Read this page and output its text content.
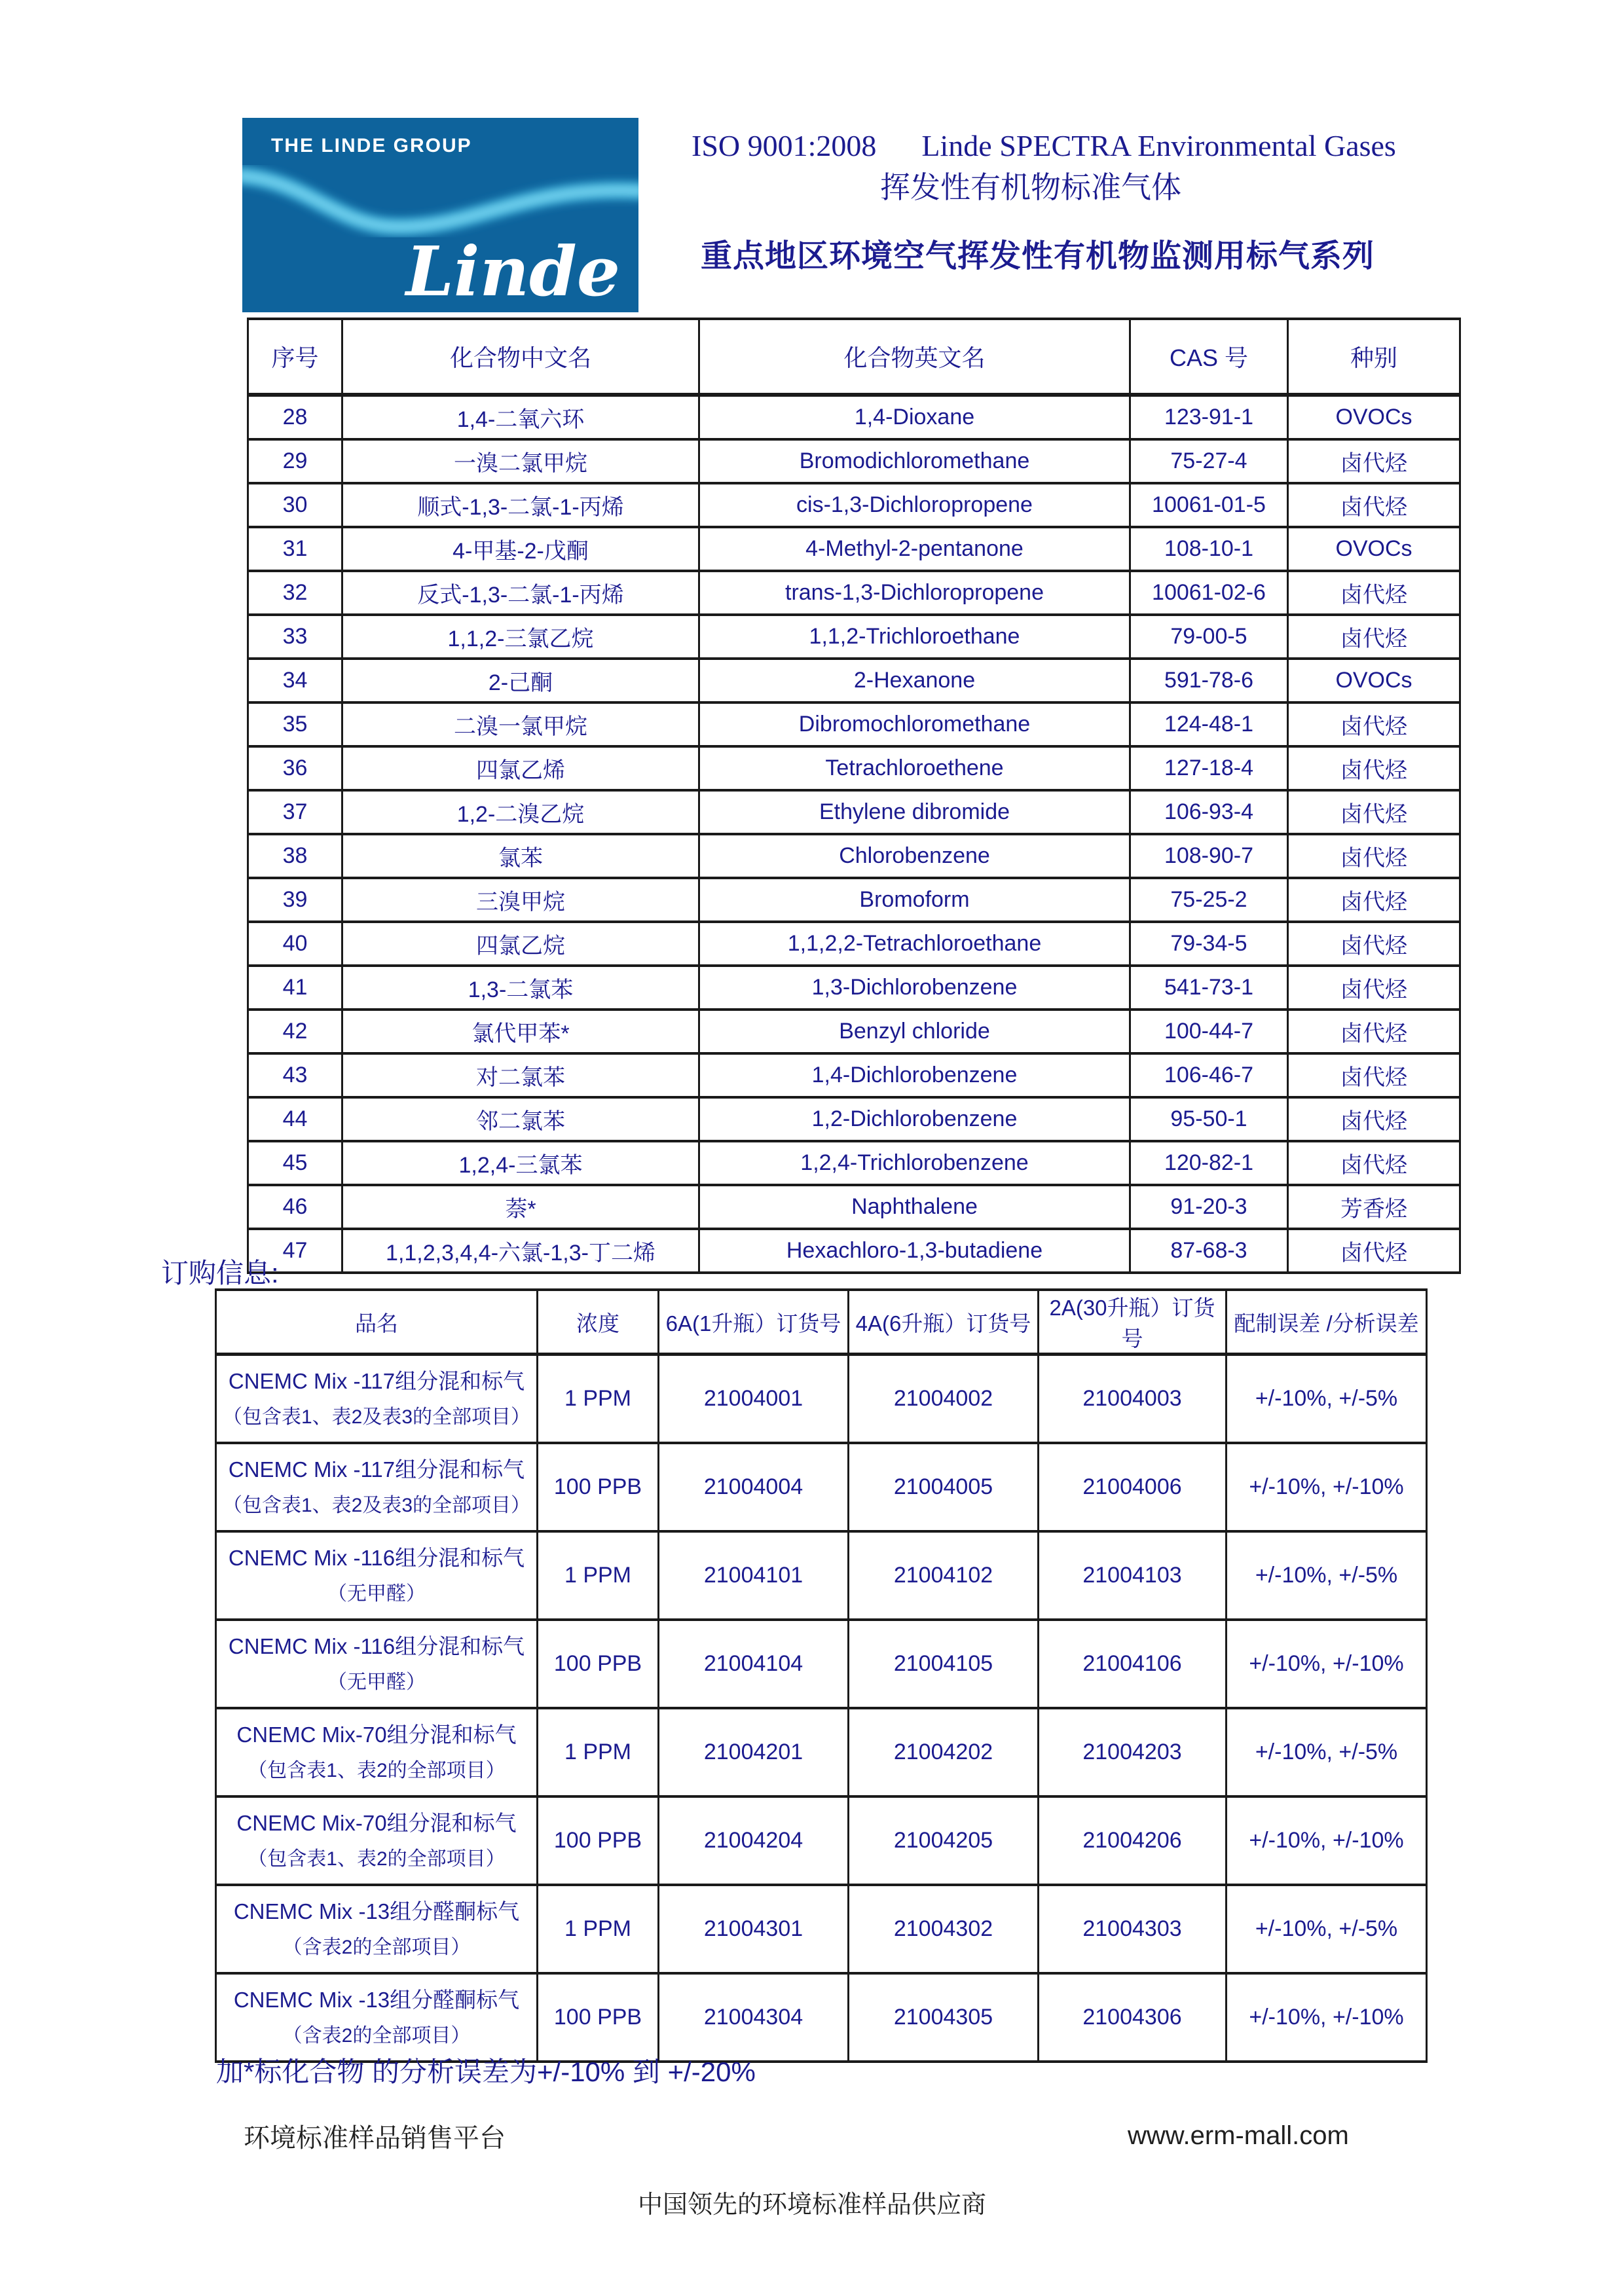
THE LINDE GROUP
Linde
ISO 9001:2008      Linde SPECTRA Environmental Gases
挥发性有机物标准气体
重点地区环境空气挥发性有机物监测用标气系列
序号	化合物中文名	化合物英文名	CAS 号	种别
28	1,4-二氧六环	1,4-Dioxane	123-91-1	OVOCs
29	一溴二氯甲烷	Bromodichloromethane	75-27-4	卤代烃
30	顺式-1,3-二氯-1-丙烯	cis-1,3-Dichloropropene	10061-01-5	卤代烃
31	4-甲基-2-戊酮	4-Methyl-2-pentanone	108-10-1	OVOCs
32	反式-1,3-二氯-1-丙烯	trans-1,3-Dichloropropene	10061-02-6	卤代烃
33	1,1,2-三氯乙烷	1,1,2-Trichloroethane	79-00-5	卤代烃
34	2-己酮	2-Hexanone	591-78-6	OVOCs
35	二溴一氯甲烷	Dibromochloromethane	124-48-1	卤代烃
36	四氯乙烯	Tetrachloroethene	127-18-4	卤代烃
37	1,2-二溴乙烷	Ethylene dibromide	106-93-4	卤代烃
38	氯苯	Chlorobenzene	108-90-7	卤代烃
39	三溴甲烷	Bromoform	75-25-2	卤代烃
40	四氯乙烷	1,1,2,2-Tetrachloroethane	79-34-5	卤代烃
41	1,3-二氯苯	1,3-Dichlorobenzene	541-73-1	卤代烃
42	氯代甲苯*	Benzyl chloride	100-44-7	卤代烃
43	对二氯苯	1,4-Dichlorobenzene	106-46-7	卤代烃
44	邻二氯苯	1,2-Dichlorobenzene	95-50-1	卤代烃
45	1,2,4-三氯苯	1,2,4-Trichlorobenzene	120-82-1	卤代烃
46	萘*	Naphthalene	91-20-3	芳香烃
47	1,1,2,3,4,4-六氯-1,3-丁二烯	Hexachloro-1,3-butadiene	87-68-3	卤代烃
订购信息:
品名	浓度	6A(1升瓶）订货号	4A(6升瓶）订货号	2A(30升瓶）订货号	配制误差 /分析误差

CNEMC Mix -117组分混和标气
（包含表1、表2及表3的全部项目）	1 PPM	21004001	21004002	21004003	+/-10%, +/-5%

CNEMC Mix -117组分混和标气
（包含表1、表2及表3的全部项目）	100 PPB	21004004	21004005	21004006	+/-10%, +/-10%

CNEMC Mix -116组分混和标气
（无甲醛）	1 PPM	21004101	21004102	21004103	+/-10%, +/-5%

CNEMC Mix -116组分混和标气
（无甲醛）	100 PPB	21004104	21004105	21004106	+/-10%, +/-10%

CNEMC Mix-70组分混和标气
（包含表1、表2的全部项目）	1 PPM	21004201	21004202	21004203	+/-10%, +/-5%

CNEMC Mix-70组分混和标气
（包含表1、表2的全部项目）	100 PPB	21004204	21004205	21004206	+/-10%, +/-10%

CNEMC Mix -13组分醛酮标气
（含表2的全部项目）	1 PPM	21004301	21004302	21004303	+/-10%, +/-5%

CNEMC Mix -13组分醛酮标气
（含表2的全部项目）	100 PPB	21004304	21004305	21004306	+/-10%, +/-10%
加*标化合物 的分析误差为+/-10% 到 +/-20%
环境标准样品销售平台	www.erm-mall.com
中国领先的环境标准样品供应商
